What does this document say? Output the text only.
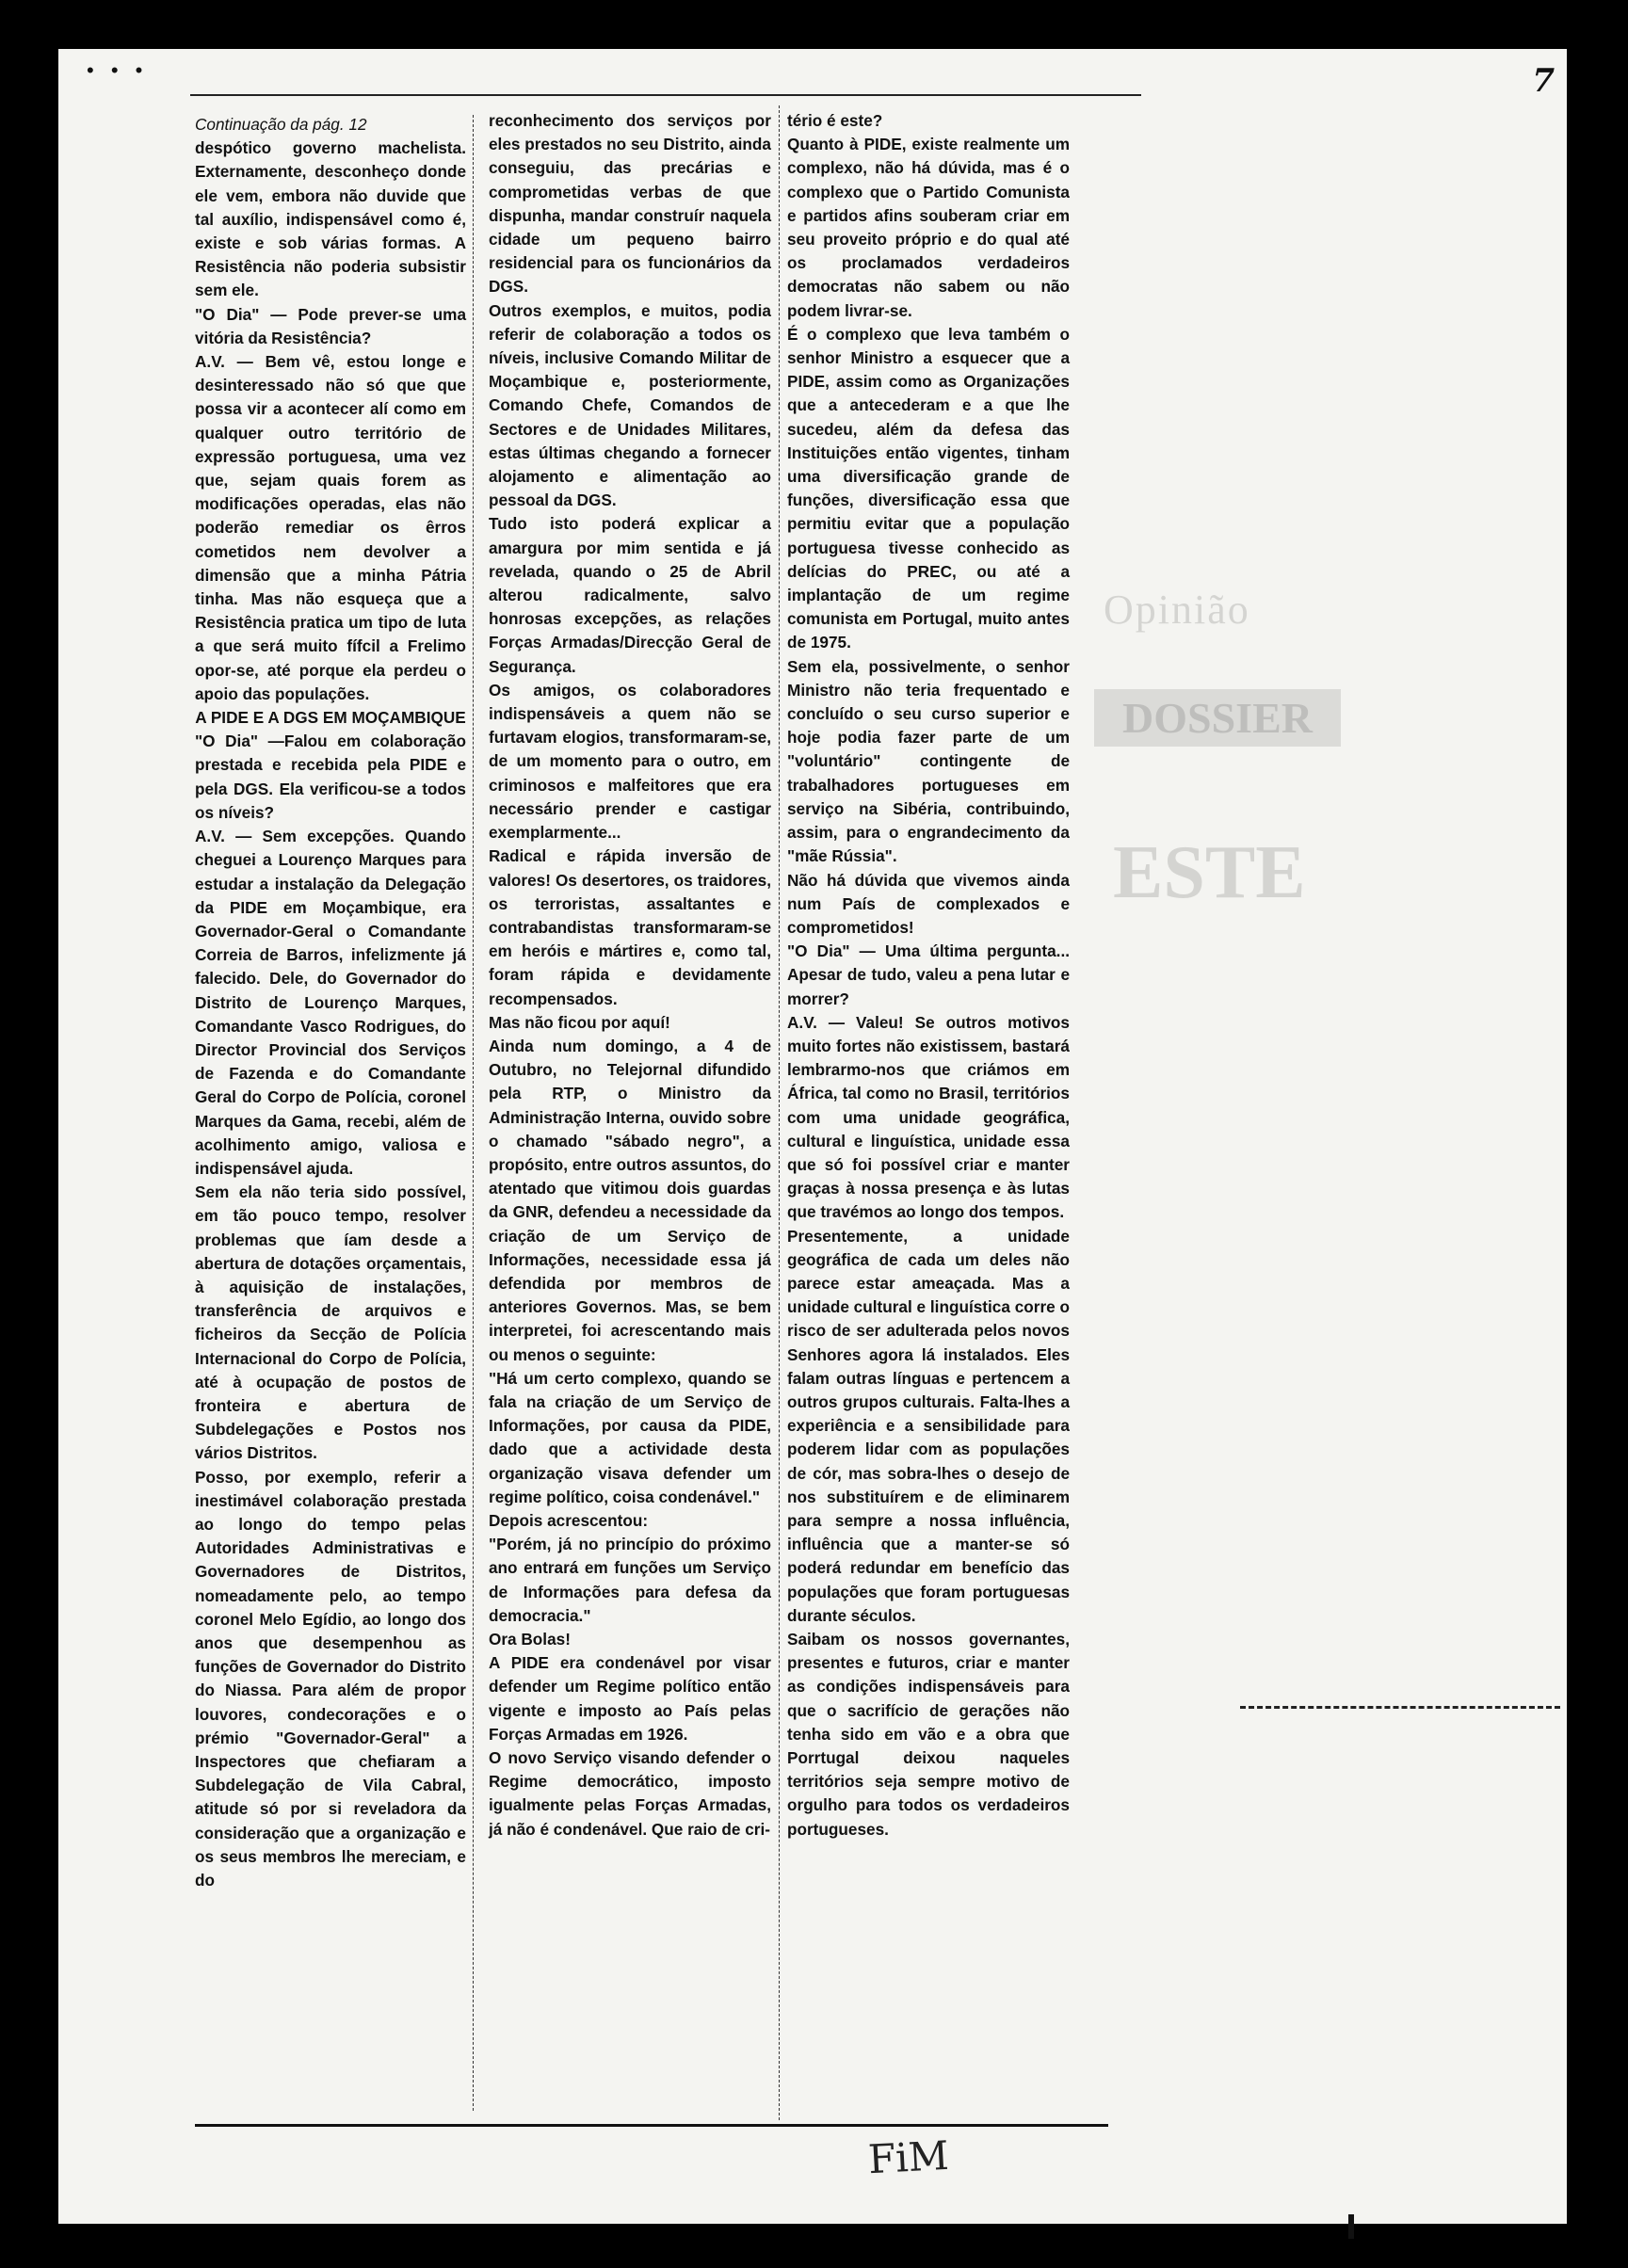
• • •	7
Opinião
DOSSIER
ESTE

Continuação da pág. 12

despótico governo machelista. Externamente, desconheço donde ele vem, embora não duvide que tal auxílio, indispensável como é, existe e sob várias formas. A Resistência não poderia subsistir sem ele.

"O Dia" — Pode prever-se uma vitória da Resistência?

A.V. — Bem vê, estou longe e desinteressado não só que que possa vir a acontecer alí como em qualquer outro território de expressão portuguesa, uma vez que, sejam quais forem as modificações operadas, elas não poderão remediar os êrros cometidos nem devolver a dimensão que a minha Pátria tinha. Mas não esqueça que a Resistência pratica um tipo de luta a que será muito fífcil a Frelimo opor-se, até porque ela perdeu o apoio das populações.

A PIDE E A DGS EM MOÇAMBIQUE

"O Dia" —Falou em colaboração prestada e recebida pela PIDE e pela DGS. Ela verificou-se a todos os níveis?

A.V. — Sem excepções. Quando cheguei a Lourenço Marques para estudar a instalação da Delegação da PIDE em Moçambique, era Governador-Geral o Comandante Correia de Barros, infelizmente já falecido. Dele, do Governador do Distrito de Lourenço Marques, Comandante Vasco Rodrigues, do Director Provincial dos Serviços de Fazenda e do Comandante Geral do Corpo de Polícia, coronel Marques da Gama, recebi, além de acolhimento amigo, valiosa e indispensável ajuda.

Sem ela não teria sido possível, em tão pouco tempo, resolver problemas que íam desde a abertura de dotações orçamentais, à aquisição de instalações, transferência de arquivos e ficheiros da Secção de Polícia Internacional do Corpo de Polícia, até à ocupação de postos de fronteira e abertura de Subdelegações e Postos nos vários Distritos.

Posso, por exemplo, referir a inestimável colaboração prestada ao longo do tempo pelas Autoridades Administrativas e Governadores de Distritos, nomeadamente pelo, ao tempo coronel Melo Egídio, ao longo dos anos que desempenhou as funções de Governador do Distrito do Niassa. Para além de propor louvores, condecorações e o prémio "Governador-Geral" a Inspectores que chefiaram a Subdelegação de Vila Cabral, atitude só por si reveladora da consideração que a organização e os seus membros lhe mereciam, e do

reconhecimento dos serviços por eles prestados no seu Distrito, ainda conseguiu, das precárias e comprometidas verbas de que dispunha, mandar construír naquela cidade um pequeno bairro residencial para os funcionários da DGS.

Outros exemplos, e muitos, podia referir de colaboração a todos os níveis, inclusive Comando Militar de Moçambique e, posteriormente, Comando Chefe, Comandos de Sectores e de Unidades Militares, estas últimas chegando a fornecer alojamento e alimentação ao pessoal da DGS.

Tudo isto poderá explicar a amargura por mim sentida e já revelada, quando o 25 de Abril alterou radicalmente, salvo honrosas excepções, as relações Forças Armadas/Direcção Geral de Segurança.

Os amigos, os colaboradores indispensáveis a quem não se furtavam elogios, transformaram-se, de um momento para o outro, em criminosos e malfeitores que era necessário prender e castigar exemplarmente...

Radical e rápida inversão de valores! Os desertores, os traidores, os terroristas, assaltantes e contrabandistas transformaram-se em heróis e mártires e, como tal, foram rápida e devidamente recompensados.

Mas não ficou por aquí!

Ainda num domingo, a 4 de Outubro, no Telejornal difundido pela RTP, o Ministro da Administração Interna, ouvido sobre o chamado "sábado negro", a propósito, entre outros assuntos, do atentado que vitimou dois guardas da GNR, defendeu a necessidade da criação de um Serviço de Informações, necessidade essa já defendida por membros de anteriores Governos. Mas, se bem interpretei, foi acrescentando mais ou menos o seguinte:

"Há um certo complexo, quando se fala na criação de um Serviço de Informações, por causa da PIDE, dado que a actividade desta organização visava defender um regime político, coisa condenável."

Depois acrescentou:

"Porém, já no princípio do próximo ano entrará em funções um Serviço de Informações para defesa da democracia."

Ora Bolas!

A PIDE era condenável por visar defender um Regime político então vigente e imposto ao País pelas Forças Armadas em 1926.

O novo Serviço visando defender o Regime democrático, imposto igualmente pelas Forças Armadas, já não é condenável. Que raio de cri-

tério é este?

Quanto à PIDE, existe realmente um complexo, não há dúvida, mas é o complexo que o Partido Comunista e partidos afins souberam criar em seu proveito próprio e do qual até os proclamados verdadeiros democratas não sabem ou não podem livrar-se.

É o complexo que leva também o senhor Ministro a esquecer que a PIDE, assim como as Organizações que a antecederam e a que lhe sucedeu, além da defesa das Instituições então vigentes, tinham uma diversificação grande de funções, diversificação essa que permitiu evitar que a população portuguesa tivesse conhecido as delícias do PREC, ou até a implantação de um regime comunista em Portugal, muito antes de 1975.

Sem ela, possivelmente, o senhor Ministro não teria frequentado e concluído o seu curso superior e hoje podia fazer parte de um "voluntário" contingente de trabalhadores portugueses em serviço na Sibéria, contribuindo, assim, para o engrandecimento da "mãe Rússia".

Não há dúvida que vivemos ainda num País de complexados e comprometidos!

"O Dia" — Uma última pergunta... Apesar de tudo, valeu a pena lutar e morrer?

A.V. — Valeu! Se outros motivos muito fortes não existissem, bastará lembrarmo-nos que criámos em África, tal como no Brasil, territórios com uma unidade geográfica, cultural e linguística, unidade essa que só foi possível criar e manter graças à nossa presença e às lutas que travémos ao longo dos tempos.

Presentemente, a unidade geográfica de cada um deles não parece estar ameaçada. Mas a unidade cultural e linguística corre o risco de ser adulterada pelos novos Senhores agora lá instalados. Eles falam outras línguas e pertencem a outros grupos culturais. Falta-lhes a experiência e a sensibilidade para poderem lidar com as populações de cór, mas sobra-lhes o desejo de nos substituírem e de eliminarem para sempre a nossa influência, influência que a manter-se só poderá redundar em benefício das populações que foram portuguesas durante séculos.

Saibam os nossos governantes, presentes e futuros, criar e manter as condições indispensáveis para que o sacrifício de gerações não tenha sido em vão e a obra que Porrtugal deixou naqueles territórios seja sempre motivo de orgulho para todos os verdadeiros portugueses.

FiM
